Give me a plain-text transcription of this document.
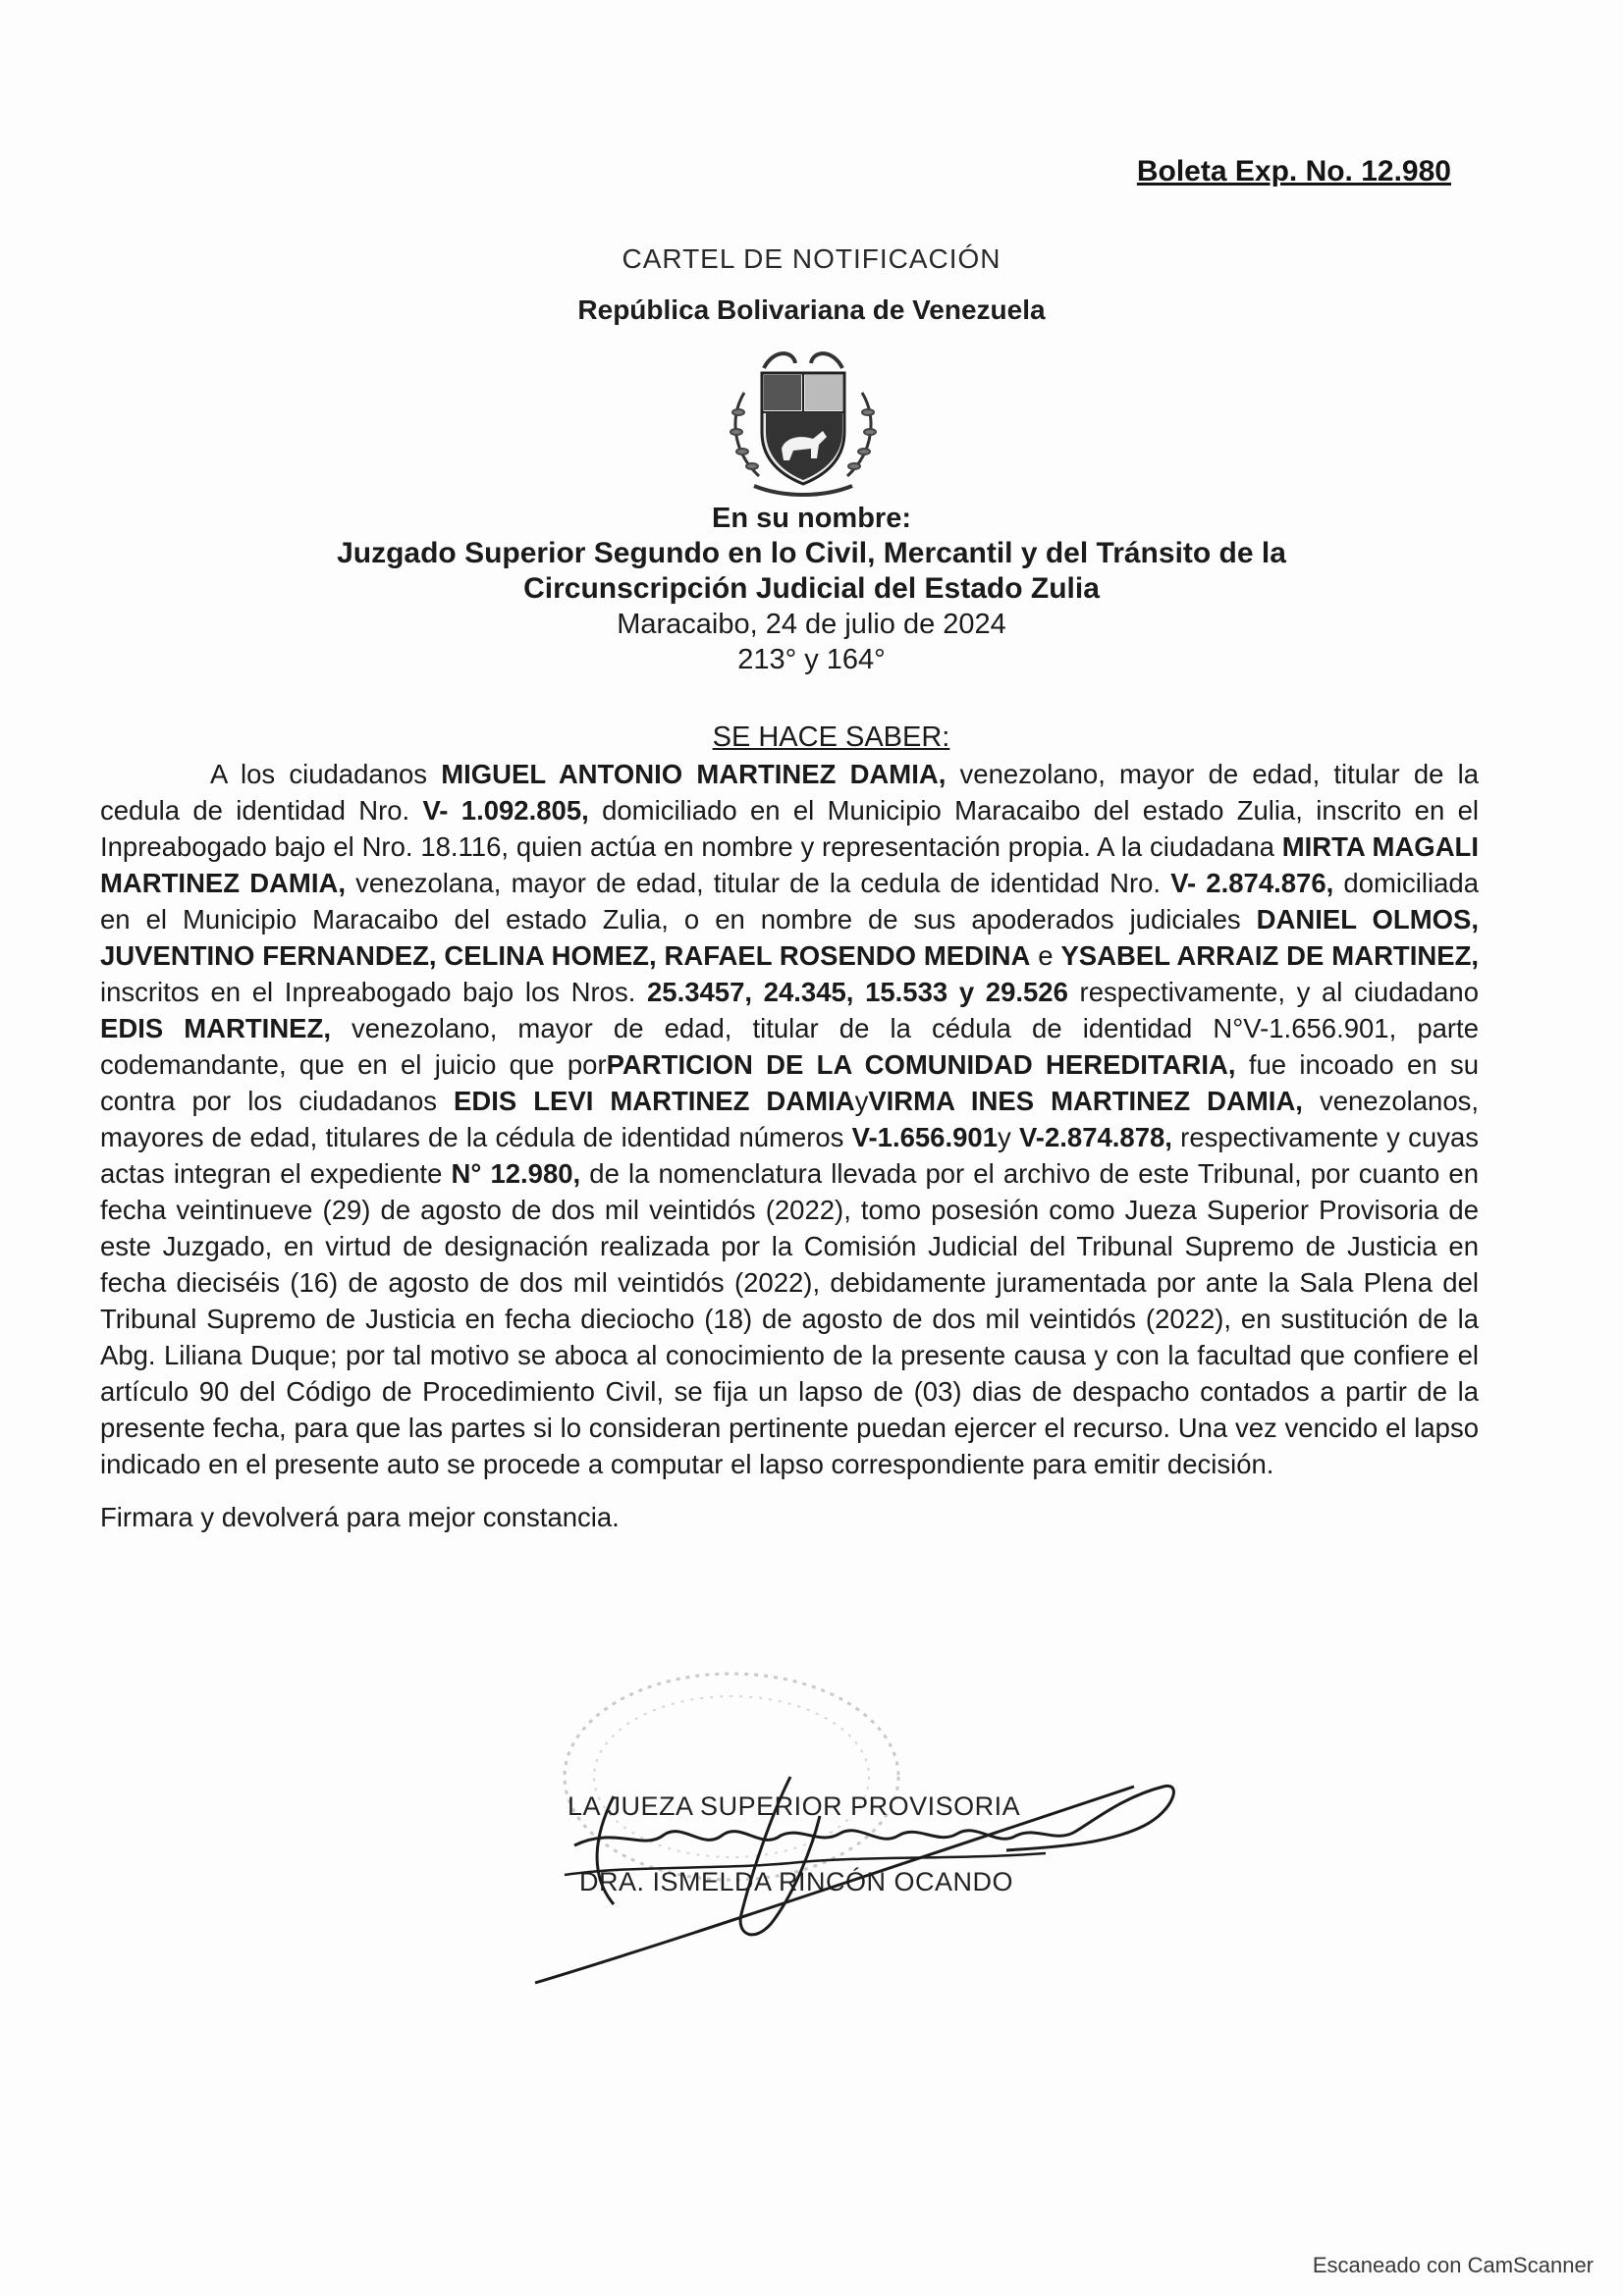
Boleta Exp. No. 12.980
CARTEL DE NOTIFICACIÓN
República Bolivariana de Venezuela
En su nombre:
Juzgado Superior Segundo en lo Civil, Mercantil y del Tránsito de la
Circunscripción Judicial del Estado Zulia
Maracaibo, 24 de julio de 2024
213° y 164°
SE HACE SABER:
A los ciudadanos MIGUEL ANTONIO MARTINEZ DAMIA, venezolano, mayor de edad, titular de la cedula de identidad Nro. V- 1.092.805, domiciliado en el Municipio Maracaibo del estado Zulia, inscrito en el Inpreabogado bajo el Nro. 18.116, quien actúa en nombre y representación propia. A la ciudadana MIRTA MAGALI MARTINEZ DAMIA, venezolana, mayor de edad, titular de la cedula de identidad Nro. V- 2.874.876, domiciliada en el Municipio Maracaibo del estado Zulia, o en nombre de sus apoderados judiciales DANIEL OLMOS, JUVENTINO FERNANDEZ, CELINA HOMEZ, RAFAEL ROSENDO MEDINA e YSABEL ARRAIZ DE MARTINEZ, inscritos en el Inpreabogado bajo los Nros. 25.3457, 24.345, 15.533 y 29.526 respectivamente, y al ciudadano EDIS MARTINEZ, venezolano, mayor de edad, titular de la cédula de identidad N°V-1.656.901, parte codemandante, que en el juicio que porPARTICION DE LA COMUNIDAD HEREDITARIA, fue incoado en su contra por los ciudadanos EDIS LEVI MARTINEZ DAMIAyVIRMA INES MARTINEZ DAMIA, venezolanos, mayores de edad, titulares de la cédula de identidad números V-1.656.901y V-2.874.878, respectivamente y cuyas actas integran el expediente N° 12.980, de la nomenclatura llevada por el archivo de este Tribunal, por cuanto en fecha veintinueve (29) de agosto de dos mil veintidós (2022), tomo posesión como Jueza Superior Provisoria de este Juzgado, en virtud de designación realizada por la Comisión Judicial del Tribunal Supremo de Justicia en fecha dieciséis (16) de agosto de dos mil veintidós (2022), debidamente juramentada por ante la Sala Plena del Tribunal Supremo de Justicia en fecha dieciocho (18) de agosto de dos mil veintidós (2022), en sustitución de la Abg. Liliana Duque; por tal motivo se aboca al conocimiento de la presente causa y con la facultad que confiere el artículo 90 del Código de Procedimiento Civil, se fija un lapso de (03) dias de despacho contados a partir de la presente fecha, para que las partes si lo consideran pertinente puedan ejercer el recurso. Una vez vencido el lapso indicado en el presente auto se procede a computar el lapso correspondiente para emitir decisión.
Firmara y devolverá para mejor constancia.
LA JUEZA SUPERIOR PROVISORIA
DRA. ISMELDA RINCÓN OCANDO
Escaneado con CamScanner
